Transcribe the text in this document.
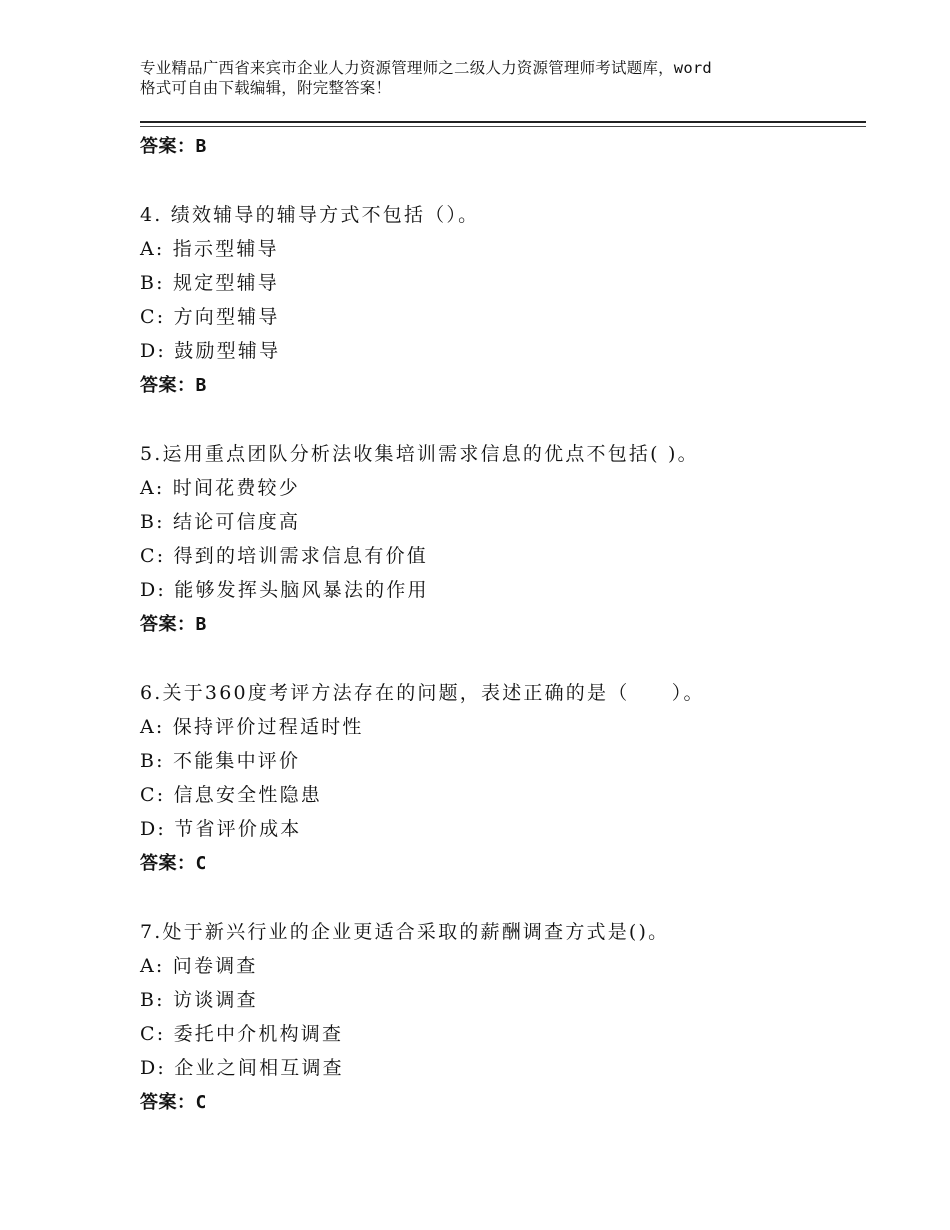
专业精品广西省来宾市企业人力资源管理师之二级人力资源管理师考试题库，word
格式可自由下载编辑，附完整答案！
答案：B
4. 绩效辅导的辅导方式不包括（）。
A: 指示型辅导
B: 规定型辅导
C: 方向型辅导
D: 鼓励型辅导
答案：B
5.运用重点团队分析法收集培训需求信息的优点不包括( )。
A: 时间花费较少
B: 结论可信度高
C: 得到的培训需求信息有价值
D: 能够发挥头脑风暴法的作用
答案：B
6.关于360度考评方法存在的问题，表述正确的是（　　）。
A: 保持评价过程适时性
B: 不能集中评价
C: 信息安全性隐患
D: 节省评价成本
答案：C
7.处于新兴行业的企业更适合采取的薪酬调查方式是()。
A: 问卷调查
B: 访谈调查
C: 委托中介机构调查
D: 企业之间相互调查
答案：C
